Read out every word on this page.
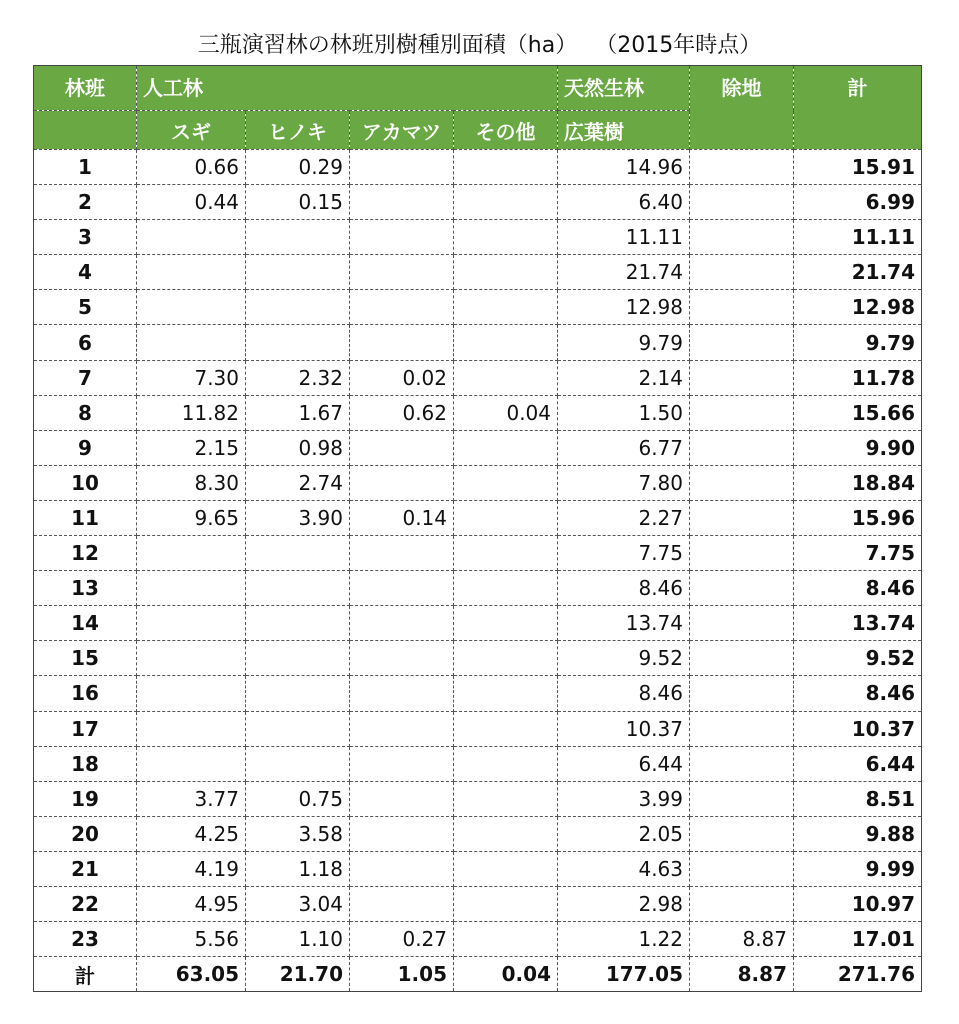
三瓶演習林の林班別樹種別面積（ha）　 （2015年時点）
林班	人工林				天然生林	除地	計
	スギ	ヒノキ	アカマツ	その他	広葉樹		
1	0.66	0.29			14.96		15.91
2	0.44	0.15			6.40		6.99
3					11.11		11.11
4					21.74		21.74
5					12.98		12.98
6					9.79		9.79
7	7.30	2.32	0.02		2.14		11.78
8	11.82	1.67	0.62	0.04	1.50		15.66
9	2.15	0.98			6.77		9.90
10	8.30	2.74			7.80		18.84
11	9.65	3.90	0.14		2.27		15.96
12					7.75		7.75
13					8.46		8.46
14					13.74		13.74
15					9.52		9.52
16					8.46		8.46
17					10.37		10.37
18					6.44		6.44
19	3.77	0.75			3.99		8.51
20	4.25	3.58			2.05		9.88
21	4.19	1.18			4.63		9.99
22	4.95	3.04			2.98		10.97
23	5.56	1.10	0.27		1.22	8.87	17.01
計	63.05	21.70	1.05	0.04	177.05	8.87	271.76
